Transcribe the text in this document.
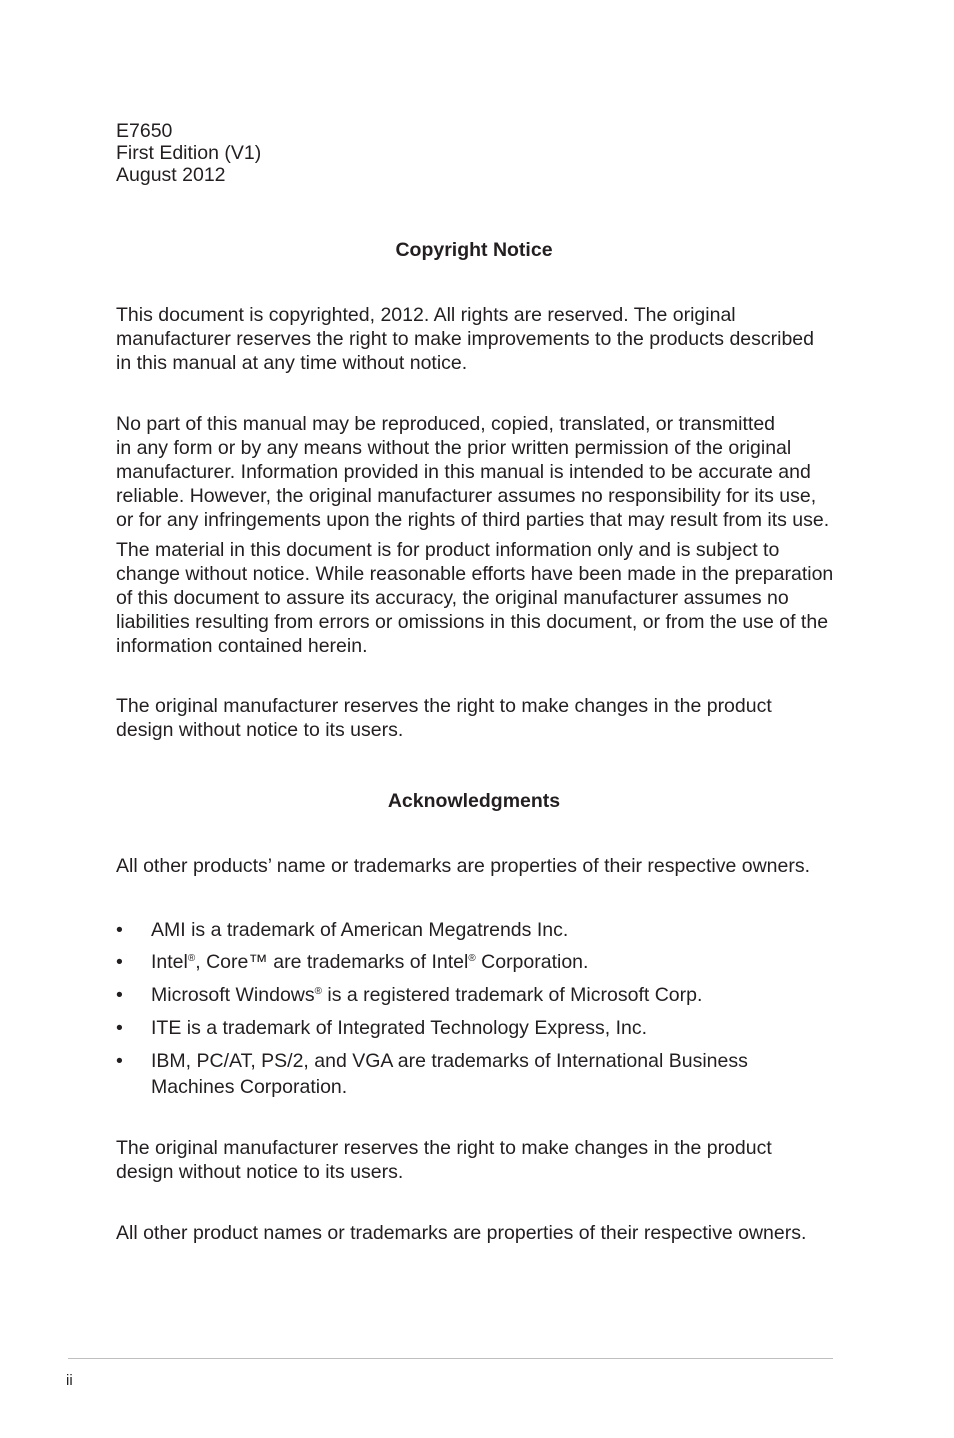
E7650
First Edition (V1)
August 2012
Copyright Notice
This document is copyrighted, 2012. All rights are reserved. The original
manufacturer reserves the right to make improvements to the products described
in this manual at any time without notice.
No part of this manual may be reproduced, copied, translated, or transmitted
in any form or by any means without the prior written permission of the original
manufacturer. Information provided in this manual is intended to be accurate and
reliable. However, the original manufacturer assumes no responsibility for its use,
or for any infringements upon the rights of third parties that may result from its use.
The material in this document is for product information only and is subject to
change without notice. While reasonable efforts have been made in the preparation
of this document to assure its accuracy, the original manufacturer assumes no
liabilities resulting from errors or omissions in this document, or from the use of the
information contained herein.
The original manufacturer reserves the right to make changes in the product
design without notice to its users.
Acknowledgments
All other products’ name or trademarks are properties of their respective owners.
• AMI is a trademark of American Megatrends Inc.
• Intel®, Core™ are trademarks of Intel® Corporation.
• Microsoft Windows® is a registered trademark of Microsoft Corp.
• ITE is a trademark of Integrated Technology Express, Inc.
• IBM, PC/AT, PS/2, and VGA are trademarks of International Business
Machines Corporation.
The original manufacturer reserves the right to make changes in the product
design without notice to its users.
All other product names or trademarks are properties of their respective owners.
ii
